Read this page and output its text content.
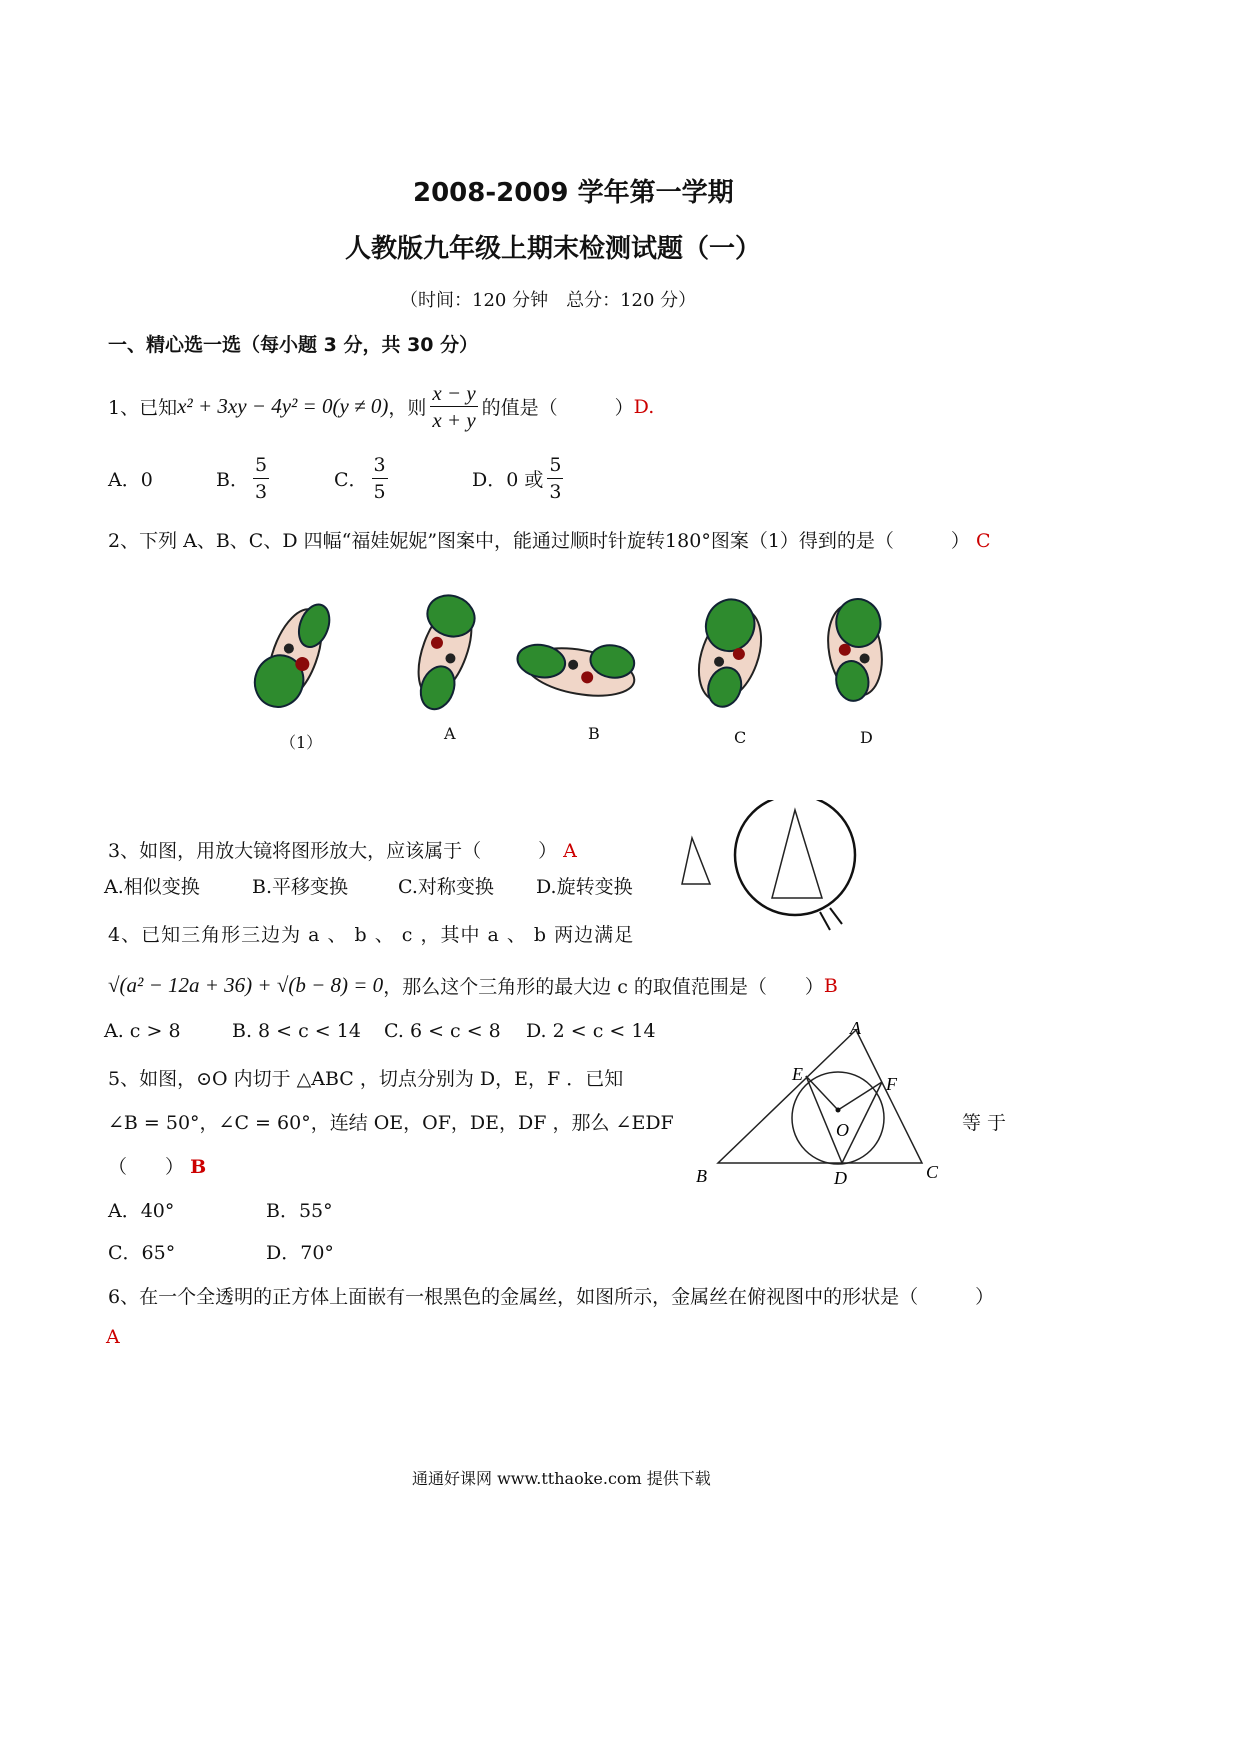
2008-2009 学年第一学期
人教版九年级上期末检测试题（一）
（时间：120 分钟　总分：120 分）
一、精心选一选（每小题 3 分，共 30 分）
1、已知 x² + 3xy − 4y² = 0(y ≠ 0) ，则 $\frac{x - y}{x + y}$ 的值是（　　　） D.
A．0	B． $\frac{5}{3}$	C． $\frac{3}{5}$	D．0 或 $\frac{5}{3}$
2、下列 A、B、C、D 四幅“福娃妮妮”图案中，能通过顺时针旋转180°图案（1）得到的是（　　　） C
（1）	A	B	C	D
3、如图，用放大镜将图形放大，应该属于（　　　） A
A.相似变换	B.平移变换	C.对称变换	D.旋转变换
4、已知三角形三边为 a 、 b 、 c ，其中 a 、 b 两边满足
√(a² − 12a + 36) + √(b − 8) = 0 ，那么这个三角形的最大边 c 的取值范围是（　　） B
A. c > 8	B. 8 < c < 14	C. 6 < c < 8	D. 2 < c < 14
5、如图，⊙O 内切于 △ABC ，切点分别为 D，E，F ．已知
∠B = 50°，∠C = 60°，连结 OE，OF，DE，DF ，那么 ∠EDF	等 于
（　　） B
A．40°	B．55°
C．65°	D．70°
A
B	C
D
E	F
O
6、在一个全透明的正方体上面嵌有一根黑色的金属丝，如图所示，金属丝在俯视图中的形状是（　　　）
A
通通好课网 www.tthaoke.com 提供下载
